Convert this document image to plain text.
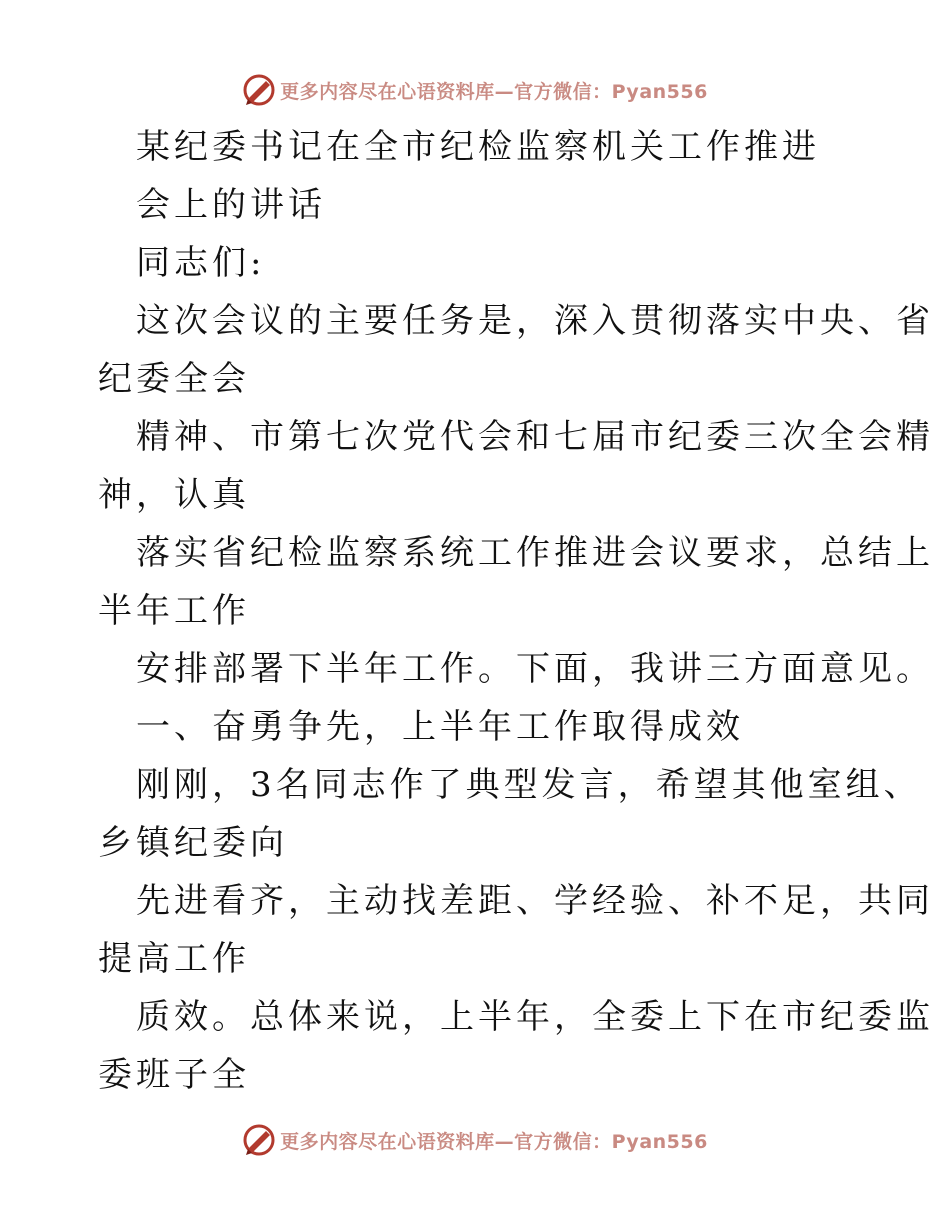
更多内容尽在心语资料库—官方微信：Pyan556
某纪委书记在全市纪检监察机关工作推进
会上的讲话
同志们:
这次会议的主要任务是，深入贯彻落实中央、省
纪委全会
精神、市第七次党代会和七届市纪委三次全会精
神，认真
落实省纪检监察系统工作推进会议要求，总结上
半年工作
安排部署下半年工作。下面，我讲三方面意见。
一、奋勇争先，上半年工作取得成效
刚刚，3名同志作了典型发言，希望其他室组、
乡镇纪委向
先进看齐，主动找差距、学经验、补不足，共同
提高工作
质效。总体来说，上半年，全委上下在市纪委监
委班子全
更多内容尽在心语资料库—官方微信：Pyan556
